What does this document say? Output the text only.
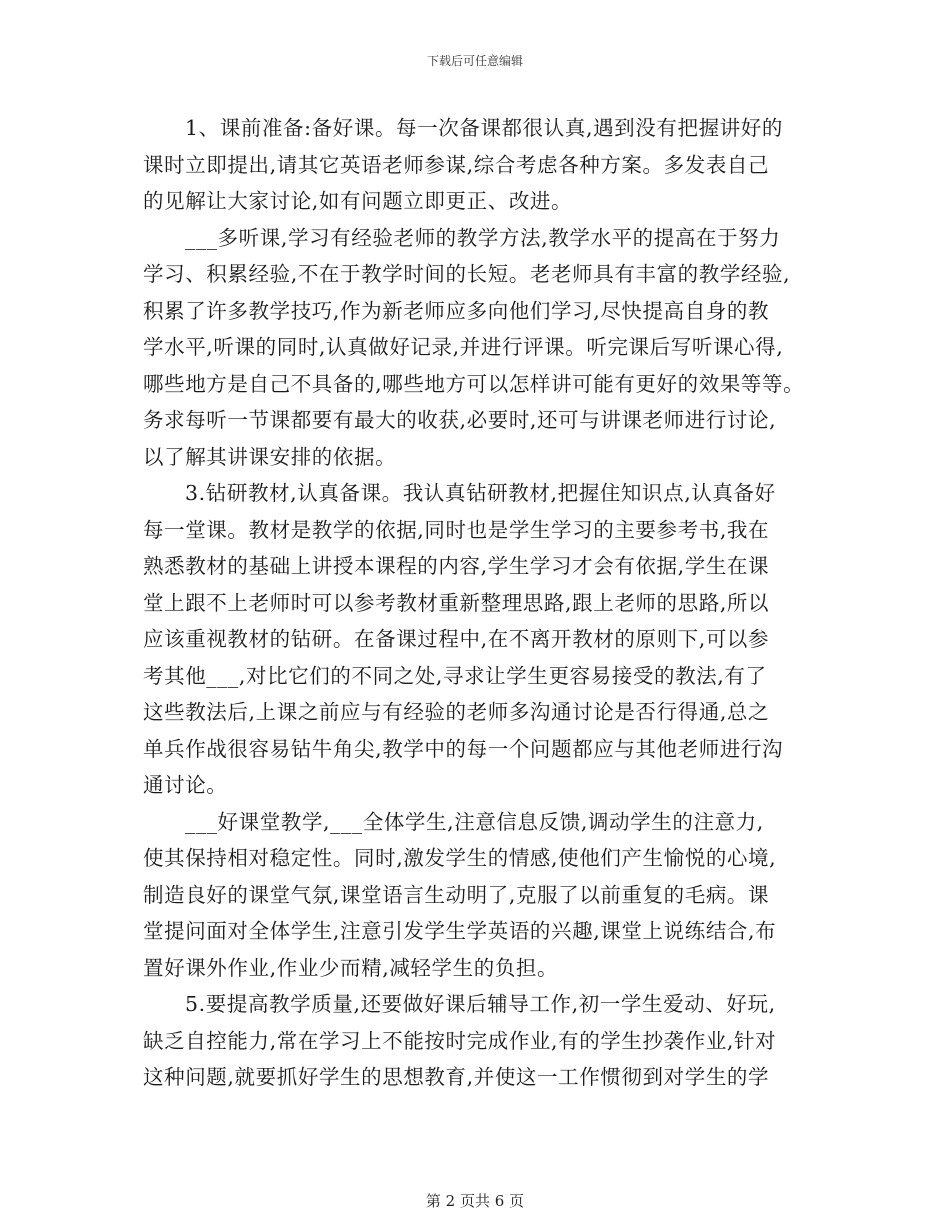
下载后可任意编辑

1、课前准备:备好课。每一次备课都很认真,遇到没有把握讲好的
课时立即提出,请其它英语老师参谋,综合考虑各种方案。多发表自己
的见解让大家讨论,如有问题立即更正、改进。

___多听课,学习有经验老师的教学方法,教学水平的提高在于努力
学习、积累经验,不在于教学时间的长短。老老师具有丰富的教学经验,
积累了许多教学技巧,作为新老师应多向他们学习,尽快提高自身的教
学水平,听课的同时,认真做好记录,并进行评课。听完课后写听课心得,
哪些地方是自己不具备的,哪些地方可以怎样讲可能有更好的效果等等。
务求每听一节课都要有最大的收获,必要时,还可与讲课老师进行讨论,
以了解其讲课安排的依据。

3.钻研教材,认真备课。我认真钻研教材,把握住知识点,认真备好
每一堂课。教材是教学的依据,同时也是学生学习的主要参考书,我在
熟悉教材的基础上讲授本课程的内容,学生学习才会有依据,学生在课
堂上跟不上老师时可以参考教材重新整理思路,跟上老师的思路,所以
应该重视教材的钻研。在备课过程中,在不离开教材的原则下,可以参
考其他___,对比它们的不同之处,寻求让学生更容易接受的教法,有了
这些教法后,上课之前应与有经验的老师多沟通讨论是否行得通,总之
单兵作战很容易钻牛角尖,教学中的每一个问题都应与其他老师进行沟
通讨论。

___好课堂教学,___全体学生,注意信息反馈,调动学生的注意力,
使其保持相对稳定性。同时,激发学生的情感,使他们产生愉悦的心境,
制造良好的课堂气氛,课堂语言生动明了,克服了以前重复的毛病。课
堂提问面对全体学生,注意引发学生学英语的兴趣,课堂上说练结合,布
置好课外作业,作业少而精,减轻学生的负担。

5.要提高教学质量,还要做好课后辅导工作,初一学生爱动、好玩,
缺乏自控能力,常在学习上不能按时完成作业,有的学生抄袭作业,针对
这种问题,就要抓好学生的思想教育,并使这一工作惯彻到对学生的学

第 2 页共 6 页
